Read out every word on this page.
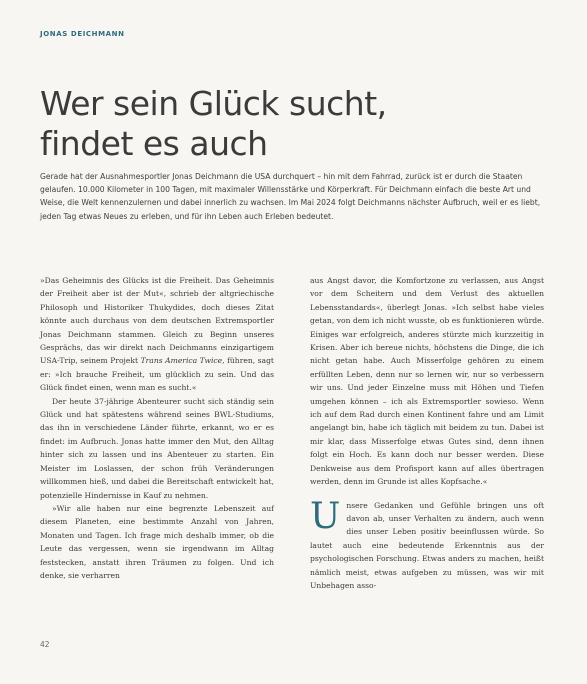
JONAS DEICHMANN
Wer sein Glück sucht,
findet es auch

Gerade hat der Ausnahmesportler Jonas Deichmann die USA durchquert – hin mit dem Fahrrad, zurück ist er durch die Staaten gelaufen. 10.000 Kilometer in 100 Tagen, mit maximaler Willensstärke und Körperkraft. Für Deichmann einfach die beste Art und Weise, die Welt kennenzulernen und dabei innerlich zu wachsen. Im Mai 2024 folgt Deichmanns nächster Aufbruch, weil er es liebt, jeden Tag etwas Neues zu erleben, und für ihn Leben auch Erleben bedeutet.

»Das Geheimnis des Glücks ist die Freiheit. Das Geheimnis der Freiheit aber ist der Mut«, schrieb der altgriechische Philosoph und Historiker Thukydides, doch dieses Zitat könnte auch durchaus von dem deutschen Extremsportler Jonas Deichmann stammen. Gleich zu Beginn unseres Gesprächs, das wir direkt nach Deichmanns einzigartigem USA-Trip, seinem Projekt Trans America Twice, führen, sagt er: »Ich brauche Freiheit, um glücklich zu sein. Und das Glück findet einen, wenn man es sucht.«

Der heute 37-jährige Abenteurer sucht sich ständig sein Glück und hat spätestens während seines BWL-Studiums, das ihn in verschiedene Länder führte, erkannt, wo er es findet: im Aufbruch. Jonas hatte immer den Mut, den Alltag hinter sich zu lassen und ins Abenteuer zu starten. Ein Meister im Loslassen, der schon früh Veränderungen willkommen hieß, und dabei die Bereitschaft entwickelt hat, potenzielle Hindernisse in Kauf zu nehmen.

»Wir alle haben nur eine begrenzte Lebenszeit auf diesem Planeten, eine bestimmte Anzahl von Jahren, Monaten und Tagen. Ich frage mich deshalb immer, ob die Leute das vergessen, wenn sie irgendwann im Alltag feststecken, anstatt ihren Träumen zu folgen. Und ich denke, sie verharren

aus Angst davor, die Komfortzone zu verlassen, aus Angst vor dem Scheitern und dem Verlust des aktuellen Lebensstandards«, überlegt Jonas. »Ich selbst habe vieles getan, von dem ich nicht wusste, ob es funktionieren würde. Einiges war erfolgreich, anderes stürzte mich kurzzeitig in Krisen. Aber ich bereue nichts, höchstens die Dinge, die ich nicht getan habe. Auch Misserfolge gehören zu einem erfüllten Leben, denn nur so lernen wir, nur so verbessern wir uns. Und jeder Einzelne muss mit Höhen und Tiefen umgehen können – ich als Extremsportler sowieso. Wenn ich auf dem Rad durch einen Kontinent fahre und am Limit angelangt bin, habe ich täglich mit beidem zu tun. Dabei ist mir klar, dass Misserfolge etwas Gutes sind, denn ihnen folgt ein Hoch. Es kann doch nur besser werden. Diese Denkweise aus dem Profisport kann auf alles übertragen werden, denn im Grunde ist alles Kopfsache.«

Unsere Gedanken und Gefühle bringen uns oft davon ab, unser Verhalten zu ändern, auch wenn dies unser Leben positiv beeinflussen würde. So lautet auch eine bedeutende Erkenntnis aus der psychologischen Forschung. Etwas anders zu machen, heißt nämlich meist, etwas aufgeben zu müssen, was wir mit Unbehagen asso-

42
